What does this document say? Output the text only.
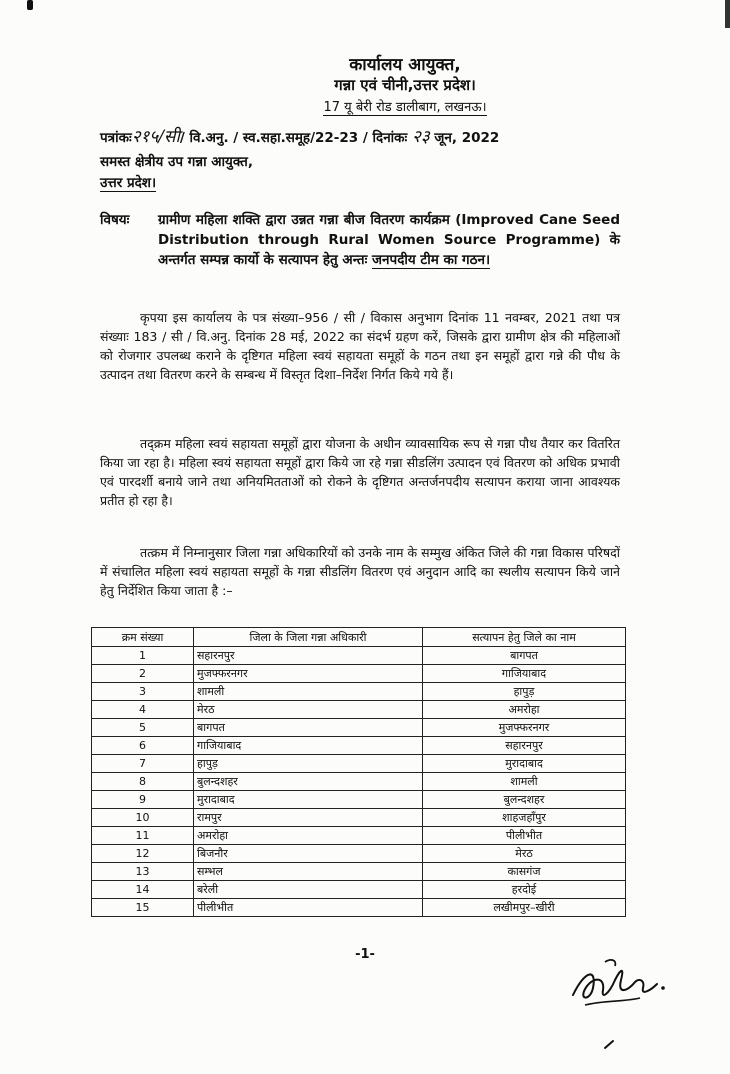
कार्यालय आयुक्त,
गन्ना एवं चीनी,उत्तर प्रदेश।
17 यू बेरी रोड डालीबाग, लखनऊ।
पत्रांकः२१५/सी/ वि.अनु. / स्व.सहा.समूह/22-23 / दिनांकः २३ जून, 2022
समस्त क्षेत्रीय उप गन्ना आयुक्त,
उत्तर प्रदेश।
विषयः ग्रामीण महिला शक्ति द्वारा उन्नत गन्ना बीज वितरण कार्यक्रम (Improved Cane Seed Distribution through Rural Women Source Programme) के अन्तर्गत सम्पन्न कार्यो के सत्यापन हेतु अन्तः जनपदीय टीम का गठन।
कृपया इस कार्यालय के पत्र संख्या–956 / सी / विकास अनुभाग दिनांक 11 नवम्बर, 2021 तथा पत्र संख्याः 183 / सी / वि.अनु. दिनांक 28 मई, 2022 का संदर्भ ग्रहण करें, जिसके द्वारा ग्रामीण क्षेत्र की महिलाओं को रोजगार उपलब्ध कराने के दृष्टिगत महिला स्वयं सहायता समूहों के गठन तथा इन समूहों द्वारा गन्ने की पौध के उत्पादन तथा वितरण करने के सम्बन्ध में विस्तृत दिशा–निर्देश निर्गत किये गये हैं।
तद्क्रम महिला स्वयं सहायता समूहों द्वारा योजना के अधीन व्यावसायिक रूप से गन्ना पौध तैयार कर वितरित किया जा रहा है। महिला स्वयं सहायता समूहों द्वारा किये जा रहे गन्ना सीडलिंग उत्पादन एवं वितरण को अधिक प्रभावी एवं पारदर्शी बनाये जाने तथा अनियमितताओं को रोकने के दृष्टिगत अन्तर्जनपदीय सत्यापन कराया जाना आवश्यक प्रतीत हो रहा है।
तत्क्रम में निम्नानुसार जिला गन्ना अधिकारियों को उनके नाम के सम्मुख अंकित जिले की गन्ना विकास परिषदों में संचालित महिला स्वयं सहायता समूहों के गन्ना सीडलिंग वितरण एवं अनुदान आदि का स्थलीय सत्यापन किये जाने हेतु निर्देशित किया जाता है :–
क्रम संख्या	जिला के जिला गन्ना अधिकारी	सत्यापन हेतु जिले का नाम
1	सहारनपुर	बागपत
2	मुजफ्फरनगर	गाजियाबाद
3	शामली	हापुड़
4	मेरठ	अमरोहा
5	बागपत	मुजफ्फरनगर
6	गाजियाबाद	सहारनपुर
7	हापुड़	मुरादाबाद
8	बुलन्दशहर	शामली
9	मुरादाबाद	बुलन्दशहर
10	रामपुर	शाहजहाँपुर
11	अमरोहा	पीलीभीत
12	बिजनौर	मेरठ
13	सम्भल	कासगंज
14	बरेली	हरदोई
15	पीलीभीत	लखीमपुर–खीरी
-1-
